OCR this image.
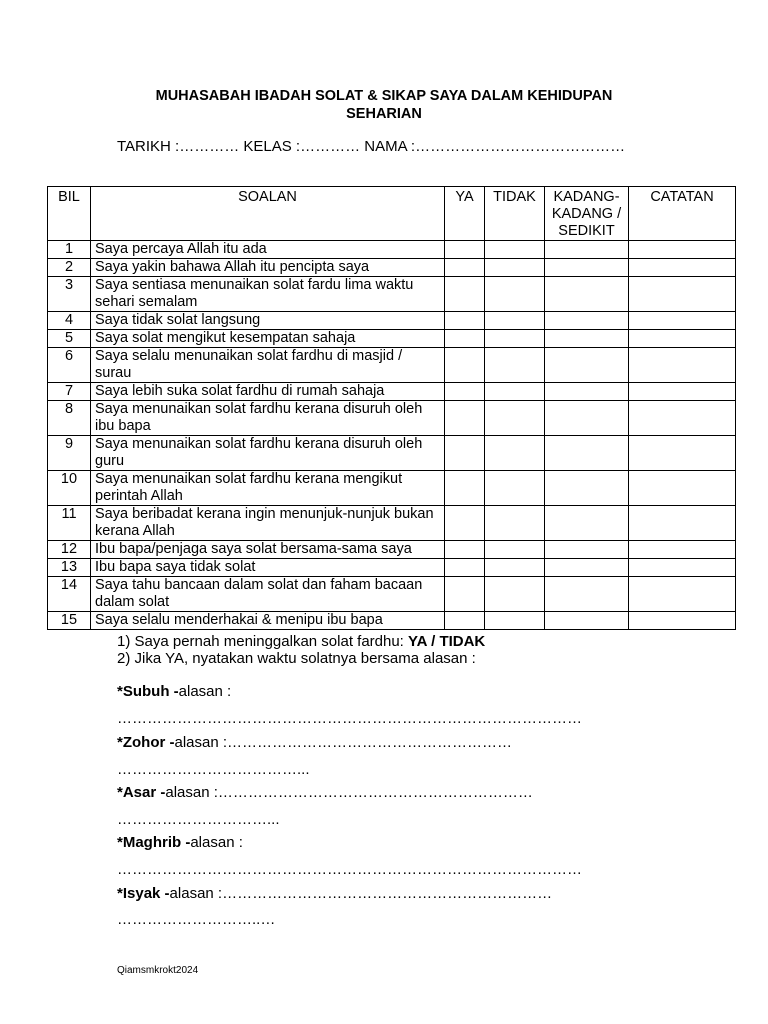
MUHASABAH IBADAH SOLAT & SIKAP SAYA DALAM KEHIDUPAN
SEHARIAN
TARIKH :………… KELAS :………… NAMA :……………………………………
BIL	SOALAN	YA	TIDAK	KADANG-KADANG / SEDIKIT	CATATAN
1	Saya percaya Allah itu ada				
2	Saya yakin bahawa Allah itu pencipta saya				
3	Saya sentiasa menunaikan solat fardu lima waktu sehari semalam				
4	Saya tidak solat langsung				
5	Saya solat mengikut kesempatan sahaja				
6	Saya selalu menunaikan solat fardhu di masjid / surau				
7	Saya lebih suka solat fardhu di rumah sahaja				
8	Saya menunaikan solat fardhu kerana disuruh oleh ibu bapa				
9	Saya menunaikan solat fardhu kerana disuruh oleh guru				
10	Saya menunaikan solat fardhu kerana mengikut perintah Allah				
11	Saya beribadat kerana ingin menunjuk-nunjuk bukan kerana Allah				
12	Ibu bapa/penjaga saya solat bersama-sama saya				
13	Ibu bapa saya tidak solat				
14	Saya tahu bancaan dalam solat dan faham bacaan dalam solat				
15	Saya selalu menderhakai & menipu ibu bapa				
1) Saya pernah meninggalkan solat fardhu: YA / TIDAK
2) Jika YA, nyatakan waktu solatnya bersama alasan :
*Subuh -alasan :
…………………………………………………………………………………
*Zohor -alasan :…………………………………………………
………………………………...
*Asar -alasan :………………………………………………………
…………………………...
*Maghrib -alasan :
…………………………………………………………………………………
*Isyak -alasan :…………………………………………………………
………………………..…
Qiamsmkrokt2024
